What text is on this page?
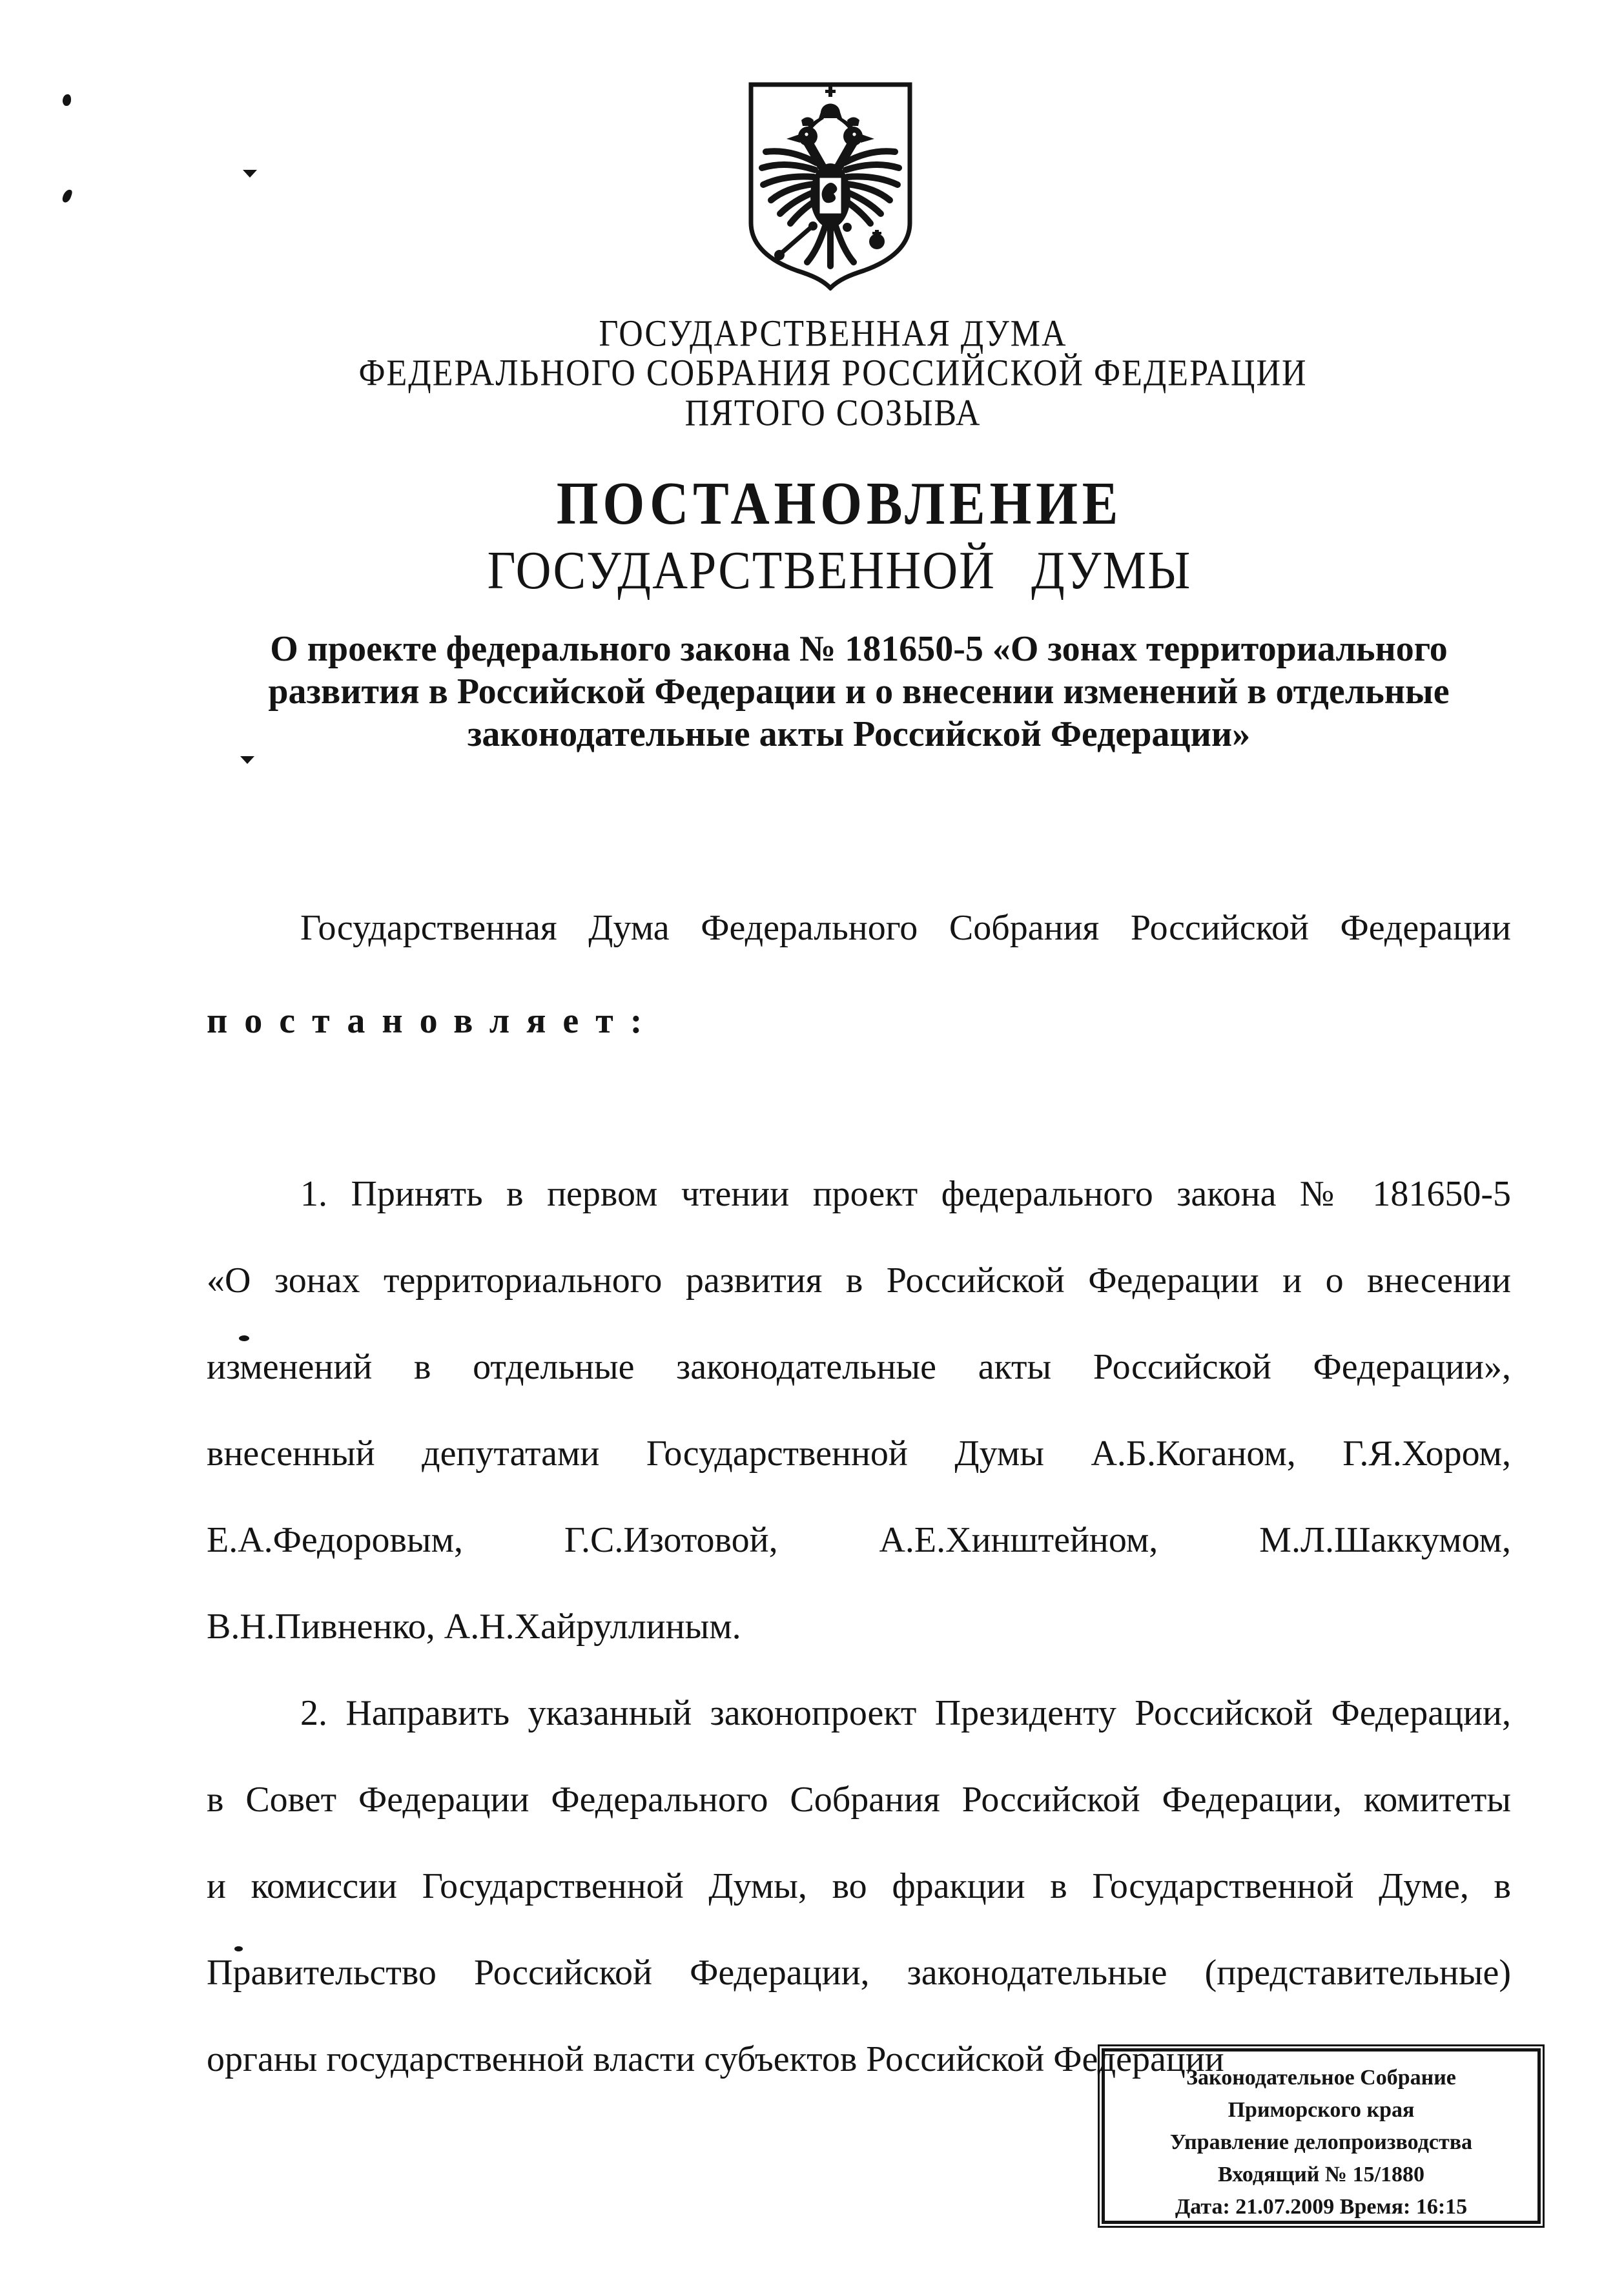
ГОСУДАРСТВЕННАЯ ДУМА
ФЕДЕРАЛЬНОГО СОБРАНИЯ РОССИЙСКОЙ ФЕДЕРАЦИИ
ПЯТОГО СОЗЫВА
ПОСТАНОВЛЕНИЕ
ГОСУДАРСТВЕННОЙ ДУМЫ
О проекте федерального закона № 181650-5 «О зонах территориального
развития в Российской Федерации и о внесении изменений в отдельные
законодательные акты Российской Федерации»
Государственная Дума Федерального Собрания Российской Федерации
постановляет:
1. Принять в первом чтении проект федерального закона № 181650-5
«О зонах территориального развития в Российской Федерации и о внесении
изменений в отдельные законодательные акты Российской Федерации»,
внесенный депутатами Государственной Думы А.Б.Коганом, Г.Я.Хором,
Е.А.Федоровым, Г.С.Изотовой, А.Е.Хинштейном, М.Л.Шаккумом,
В.Н.Пивненко, А.Н.Хайруллиным.
2. Направить указанный законопроект Президенту Российской Федерации,
в Совет Федерации Федерального Собрания Российской Федерации, комитеты
и комиссии Государственной Думы, во фракции в Государственной Думе, в
Правительство Российской Федерации, законодательные (представительные)
органы государственной власти субъектов Российской Федерации
Законодательное Собрание
Приморского края
Управление делопроизводства
Входящий № 15/1880
Дата: 21.07.2009 Время: 16:15
